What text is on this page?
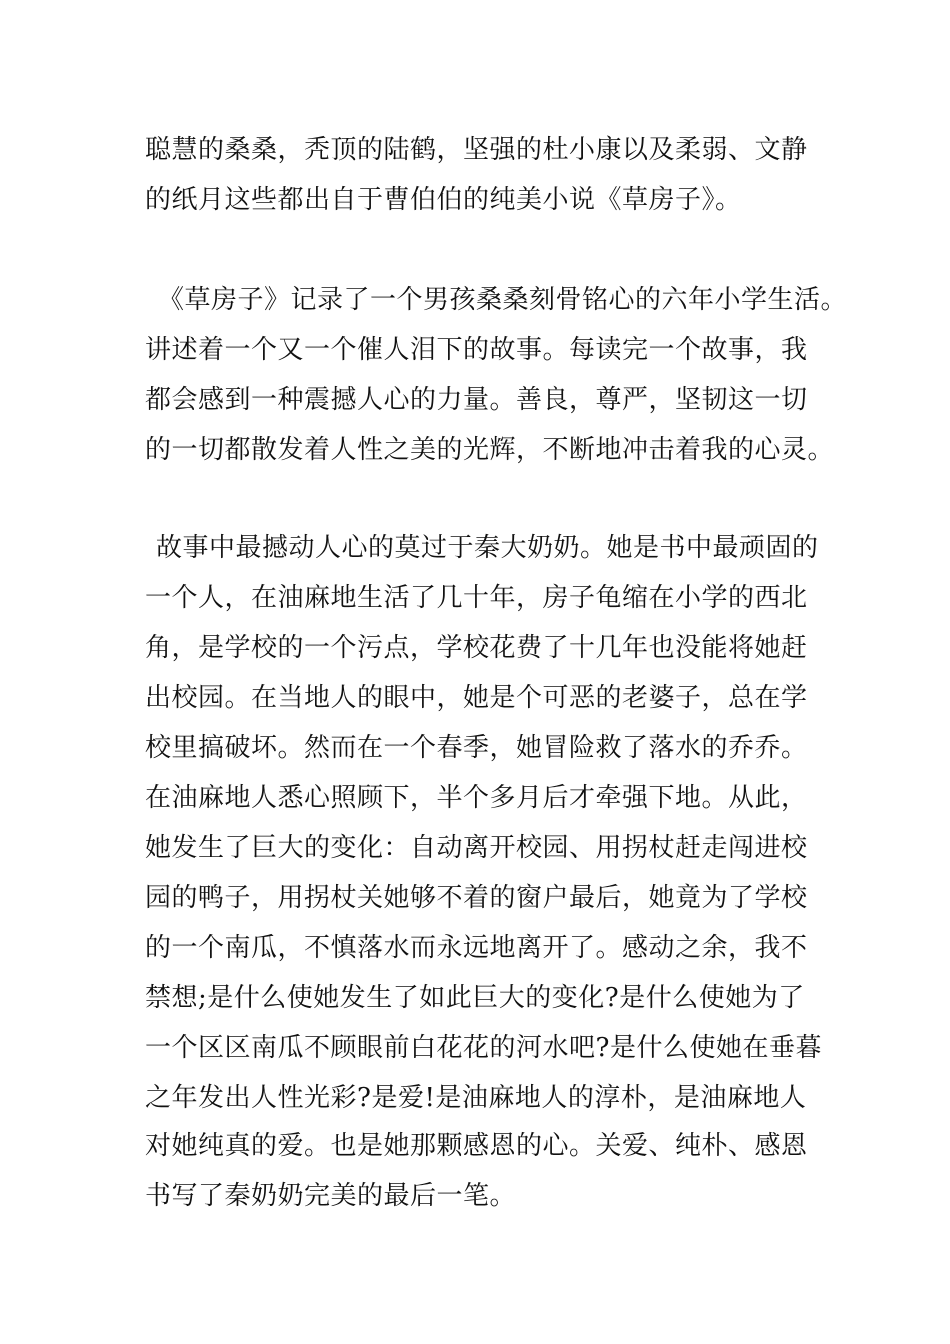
聪慧的桑桑，秃顶的陆鹤，坚强的杜小康以及柔弱、文静
的纸月这些都出自于曹伯伯的纯美小说《草房子》。
《草房子》记录了一个男孩桑桑刻骨铭心的六年小学生活。
讲述着一个又一个催人泪下的故事。每读完一个故事，我
都会感到一种震撼人心的力量。善良，尊严，坚韧这一切
的一切都散发着人性之美的光辉，不断地冲击着我的心灵。
故事中最撼动人心的莫过于秦大奶奶。她是书中最顽固的
一个人，在油麻地生活了几十年，房子龟缩在小学的西北
角，是学校的一个污点，学校花费了十几年也没能将她赶
出校园。在当地人的眼中，她是个可恶的老婆子，总在学
校里搞破坏。然而在一个春季，她冒险救了落水的乔乔。
在油麻地人悉心照顾下，半个多月后才牵强下地。从此，
她发生了巨大的变化：自动离开校园、用拐杖赶走闯进校
园的鸭子，用拐杖关她够不着的窗户最后，她竟为了学校
的一个南瓜，不慎落水而永远地离开了。感动之余，我不
禁想;是什么使她发生了如此巨大的变化?是什么使她为了
一个区区南瓜不顾眼前白花花的河水吧?是什么使她在垂暮
之年发出人性光彩?是爱!是油麻地人的淳朴，是油麻地人
对她纯真的爱。也是她那颗感恩的心。关爱、纯朴、感恩
书写了秦奶奶完美的最后一笔。
